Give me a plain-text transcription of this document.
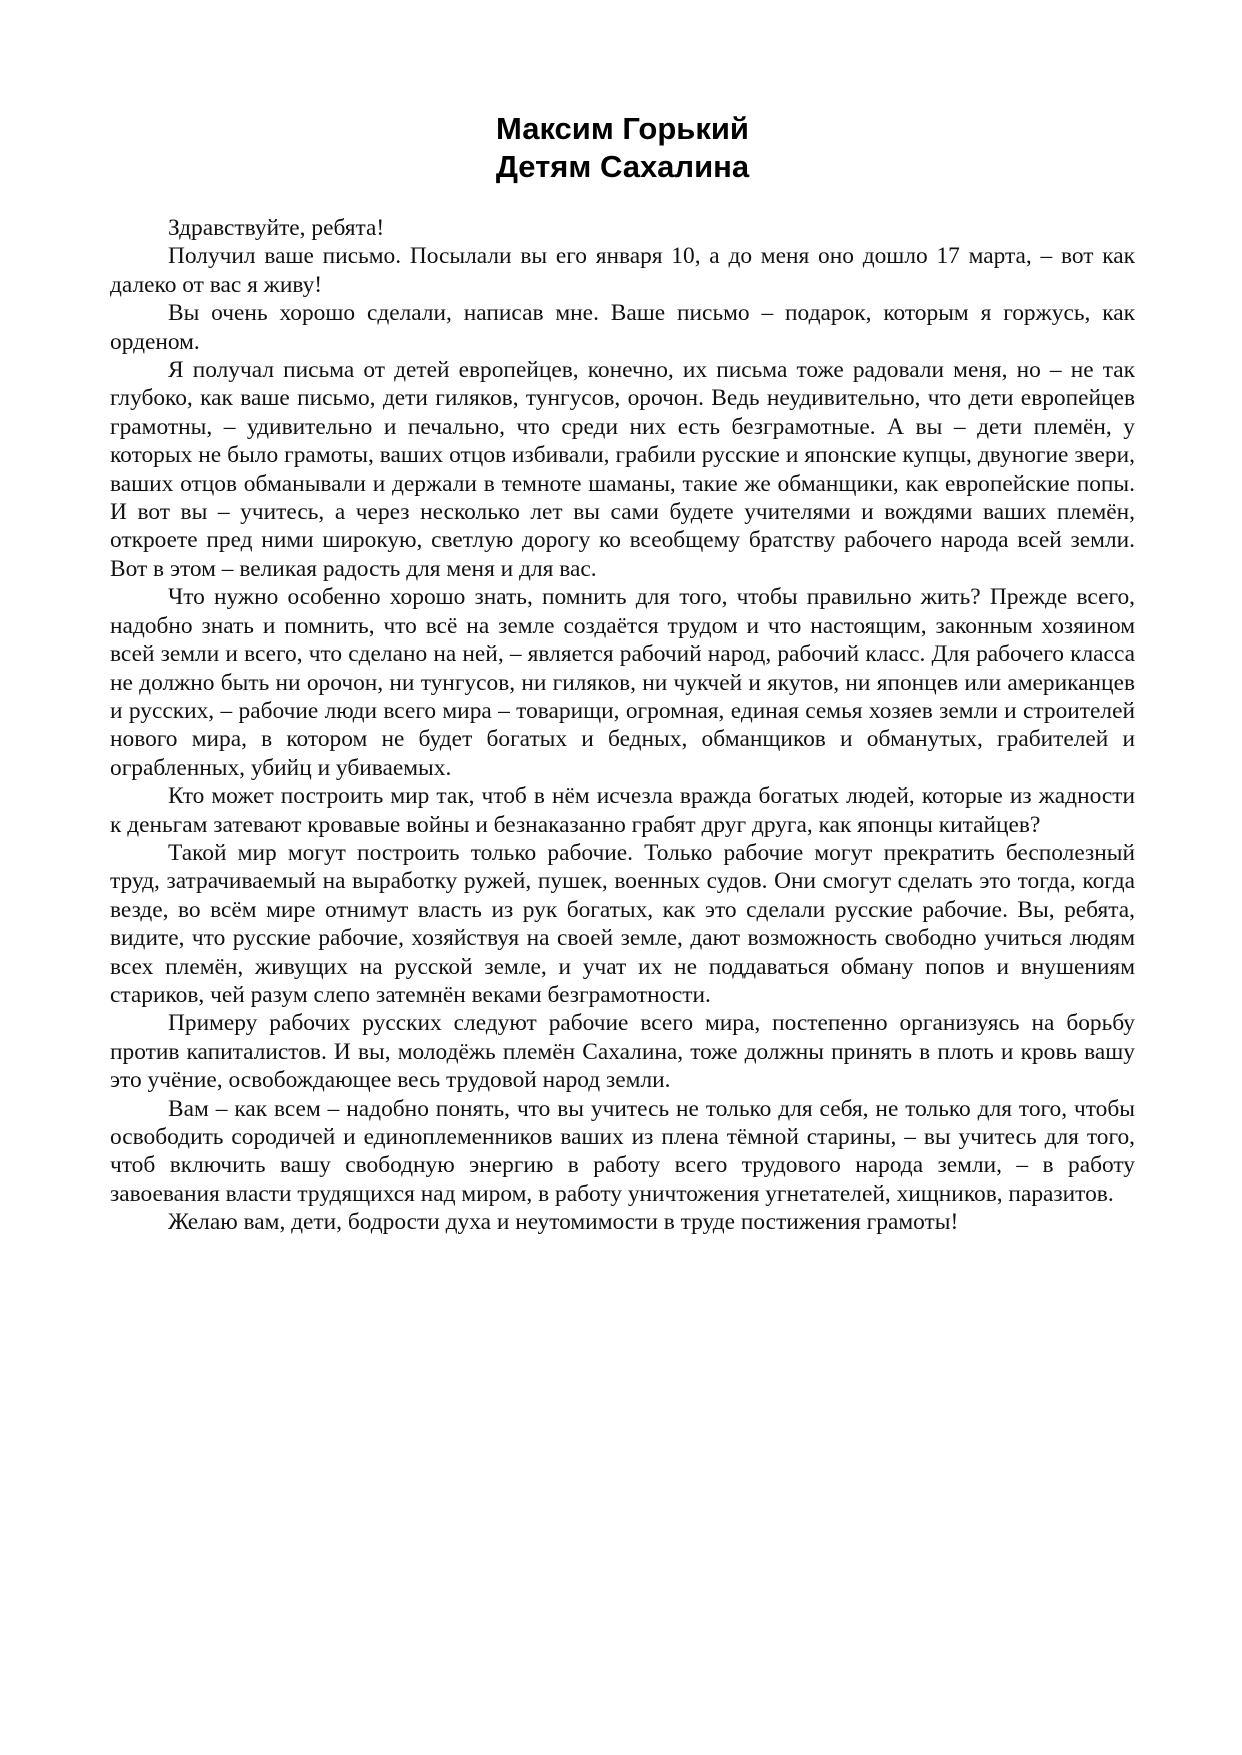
Максим Горький
Детям Сахалина

Здравствуйте, ребята!

Получил ваше письмо. Посылали вы его января 10, а до меня оно дошло 17 марта, – вот как далеко от вас я живу!

Вы очень хорошо сделали, написав мне. Ваше письмо – подарок, которым я горжусь, как орденом.

Я получал письма от детей европейцев, конечно, их письма тоже радовали меня, но – не так глубоко, как ваше письмо, дети гиляков, тунгусов, орочон. Ведь неудивительно, что дети европейцев грамотны, – удивительно и печально, что среди них есть безграмотные. А вы – дети племён, у которых не было грамоты, ваших отцов избивали, грабили русские и японские купцы, двуногие звери, ваших отцов обманывали и держали в темноте шаманы, такие же обманщики, как европейские попы. И вот вы – учитесь, а через несколько лет вы сами будете учителями и вождями ваших племён, откроете пред ними широкую, светлую дорогу ко всеобщему братству рабочего народа всей земли. Вот в этом – великая радость для меня и для вас.

Что нужно особенно хорошо знать, помнить для того, чтобы правильно жить? Прежде всего, надобно знать и помнить, что всё на земле создаётся трудом и что настоящим, законным хозяином всей земли и всего, что сделано на ней, – является рабочий народ, рабочий класс. Для рабочего класса не должно быть ни орочон, ни тунгусов, ни гиляков, ни чукчей и якутов, ни японцев или американцев и русских, – рабочие люди всего мира – товарищи, огромная, единая семья хозяев земли и строителей нового мира, в котором не будет богатых и бедных, обманщиков и обманутых, грабителей и ограбленных, убийц и убиваемых.

Кто может построить мир так, чтоб в нём исчезла вражда богатых людей, которые из жадности к деньгам затевают кровавые войны и безнаказанно грабят друг друга, как японцы китайцев?

Такой мир могут построить только рабочие. Только рабочие могут прекратить бесполезный труд, затрачиваемый на выработку ружей, пушек, военных судов. Они смогут сделать это тогда, когда везде, во всём мире отнимут власть из рук богатых, как это сделали русские рабочие. Вы, ребята, видите, что русские рабочие, хозяйствуя на своей земле, дают возможность свободно учиться людям всех племён, живущих на русской земле, и учат их не поддаваться обману попов и внушениям стариков, чей разум слепо затемнён веками безграмотности.

Примеру рабочих русских следуют рабочие всего мира, постепенно организуясь на борьбу против капиталистов. И вы, молодёжь племён Сахалина, тоже должны принять в плоть и кровь вашу это учёние, освобождающее весь трудовой народ земли.

Вам – как всем – надобно понять, что вы учитесь не только для себя, не только для того, чтобы освободить сородичей и единоплеменников ваших из плена тёмной старины, – вы учитесь для того, чтоб включить вашу свободную энергию в работу всего трудового народа земли, – в работу завоевания власти трудящихся над миром, в работу уничтожения угнетателей, хищников, паразитов.

Желаю вам, дети, бодрости духа и неутомимости в труде постижения грамоты!
